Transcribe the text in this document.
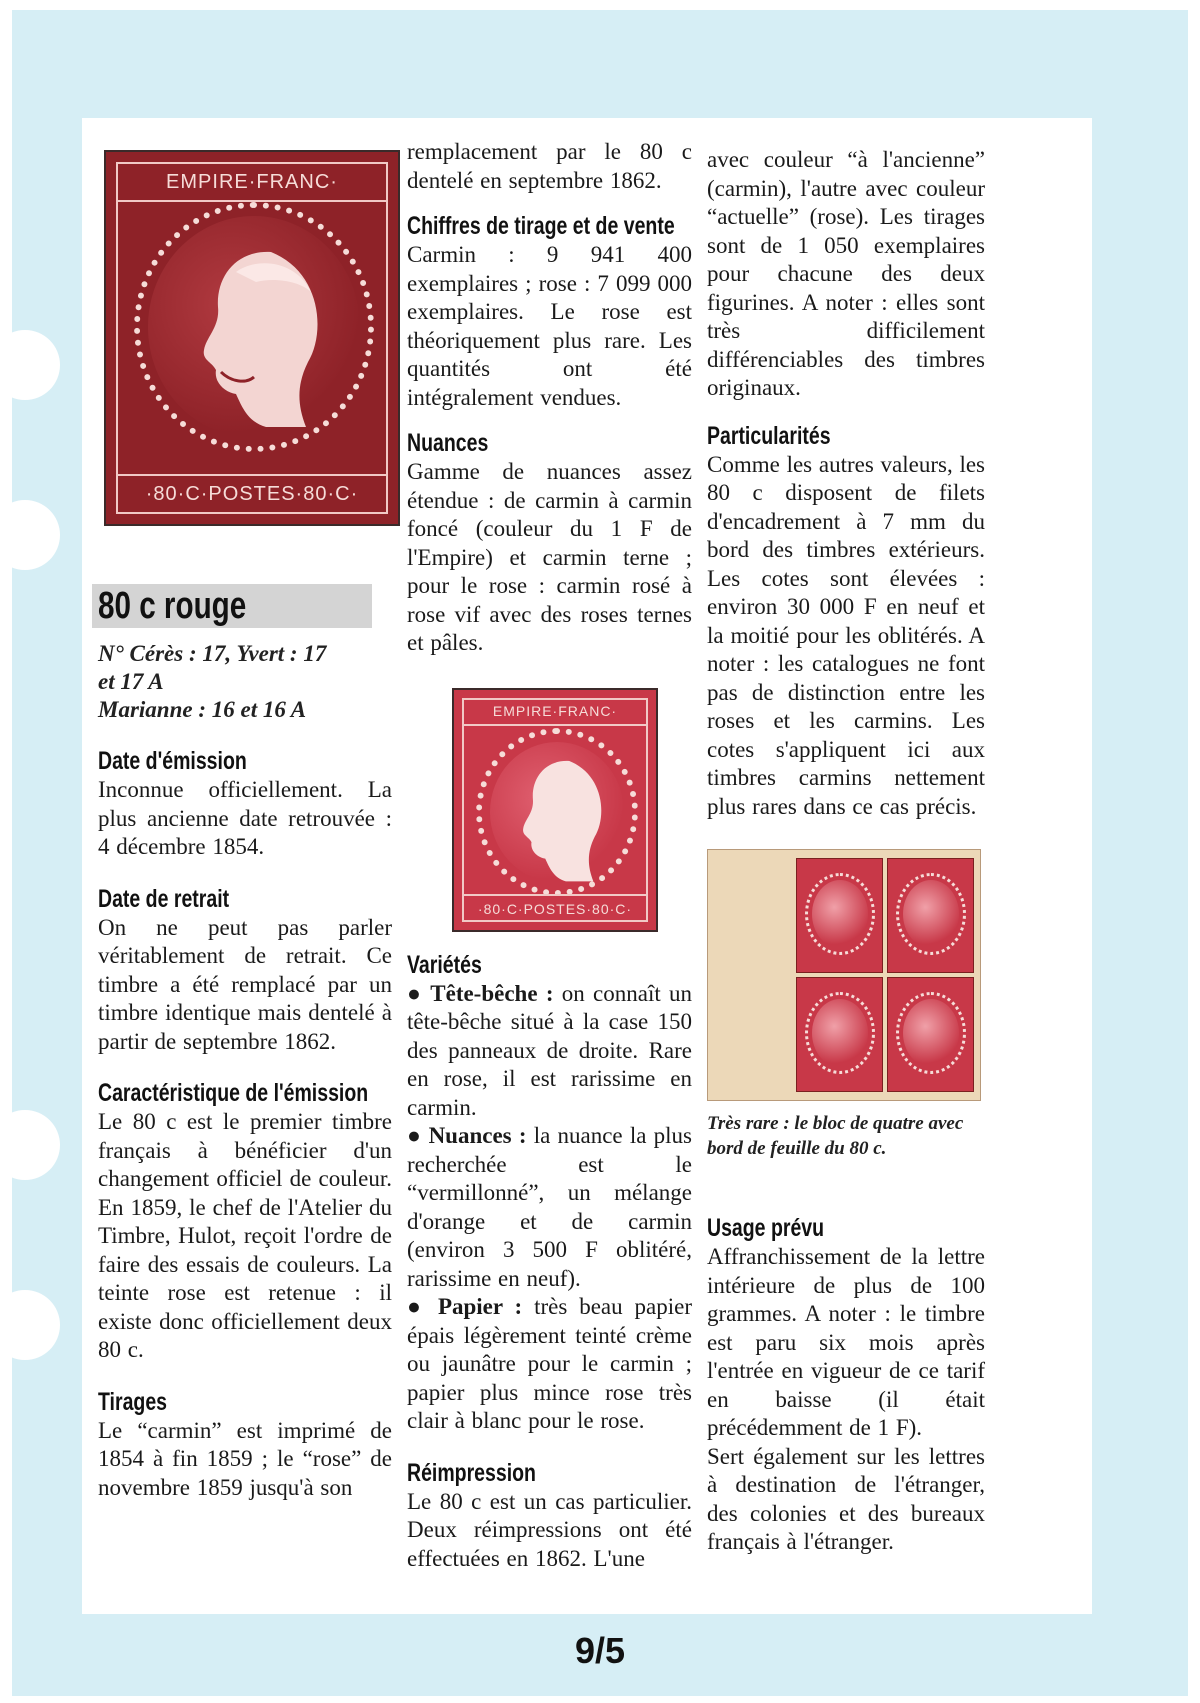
EMPIRE·FRANC·
·80·C·POSTES·80·C·
80 c rouge
N° Cérès : 17, Yvert : 17
et 17 A
Marianne : 16 et 16 A
Date d'émission

Inconnue officiellement. La plus ancienne date retrouvée : 4 décembre 1854.

Date de retrait

On ne peut pas parler véritablement de retrait. Ce timbre a été remplacé par un timbre identique mais dentelé à partir de septembre 1862.

Caractéristique de l'émission

Le 80 c est le premier timbre français à bénéficier d'un changement officiel de couleur. En 1859, le chef de l'Atelier du Timbre, Hulot, reçoit l'ordre de faire des essais de couleurs. La teinte rose est retenue : il existe donc officiellement deux 80 c.

Tirages

Le “carmin” est imprimé de 1854 à fin 1859 ; le “rose” de novembre 1859 jusqu'à son

remplacement par le 80 c dentelé en septembre 1862.

Chiffres de tirage et de vente

Carmin : 9 941 400 exemplaires ; rose : 7 099 000 exemplaires. Le rose est théoriquement plus rare. Les quantités ont été intégralement vendues.

Nuances

Gamme de nuances assez étendue : de carmin à carmin foncé (couleur du 1 F de l'Empire) et carmin terne ; pour le rose : carmin rosé à rose vif avec des roses ternes et pâles.

EMPIRE·FRANC·
·80·C·POSTES·80·C·
Variétés

● Tête-bêche : on connaît un tête-bêche situé à la case 150 des panneaux de droite. Rare en rose, il est rarissime en carmin.

● Nuances : la nuance la plus recherchée est le “vermillonné”, un mélange d'orange et de carmin (environ 3 500 F oblitéré, rarissime en neuf).

● Papier : très beau papier épais légèrement teinté crème ou jaunâtre pour le carmin ; papier plus mince rose très clair à blanc pour le rose.

Réimpression

Le 80 c est un cas particulier. Deux réimpressions ont été effectuées en 1862. L'une

avec couleur “à l'ancienne” (carmin), l'autre avec couleur “actuelle” (rose). Les tirages sont de 1 050 exemplaires pour chacune des deux figurines. A noter : elles sont très difficilement différenciables des timbres originaux.

Particularités

Comme les autres valeurs, les 80 c disposent de filets d'encadrement à 7 mm du bord des timbres extérieurs. Les cotes sont élevées : environ 30 000 F en neuf et la moitié pour les oblitérés. A noter : les catalogues ne font pas de distinction entre les roses et les carmins. Les cotes s'appliquent ici aux timbres carmins nettement plus rares dans ce cas précis.

Très rare : le bloc de quatre avec bord de feuille du 80 c.

Usage prévu

Affranchissement de la lettre intérieure de plus de 100 grammes. A noter : le timbre est paru six mois après l'entrée en vigueur de ce tarif en baisse (il était précédemment de 1 F).

Sert également sur les lettres à destination de l'étranger, des colonies et des bureaux français à l'étranger.

9/5
